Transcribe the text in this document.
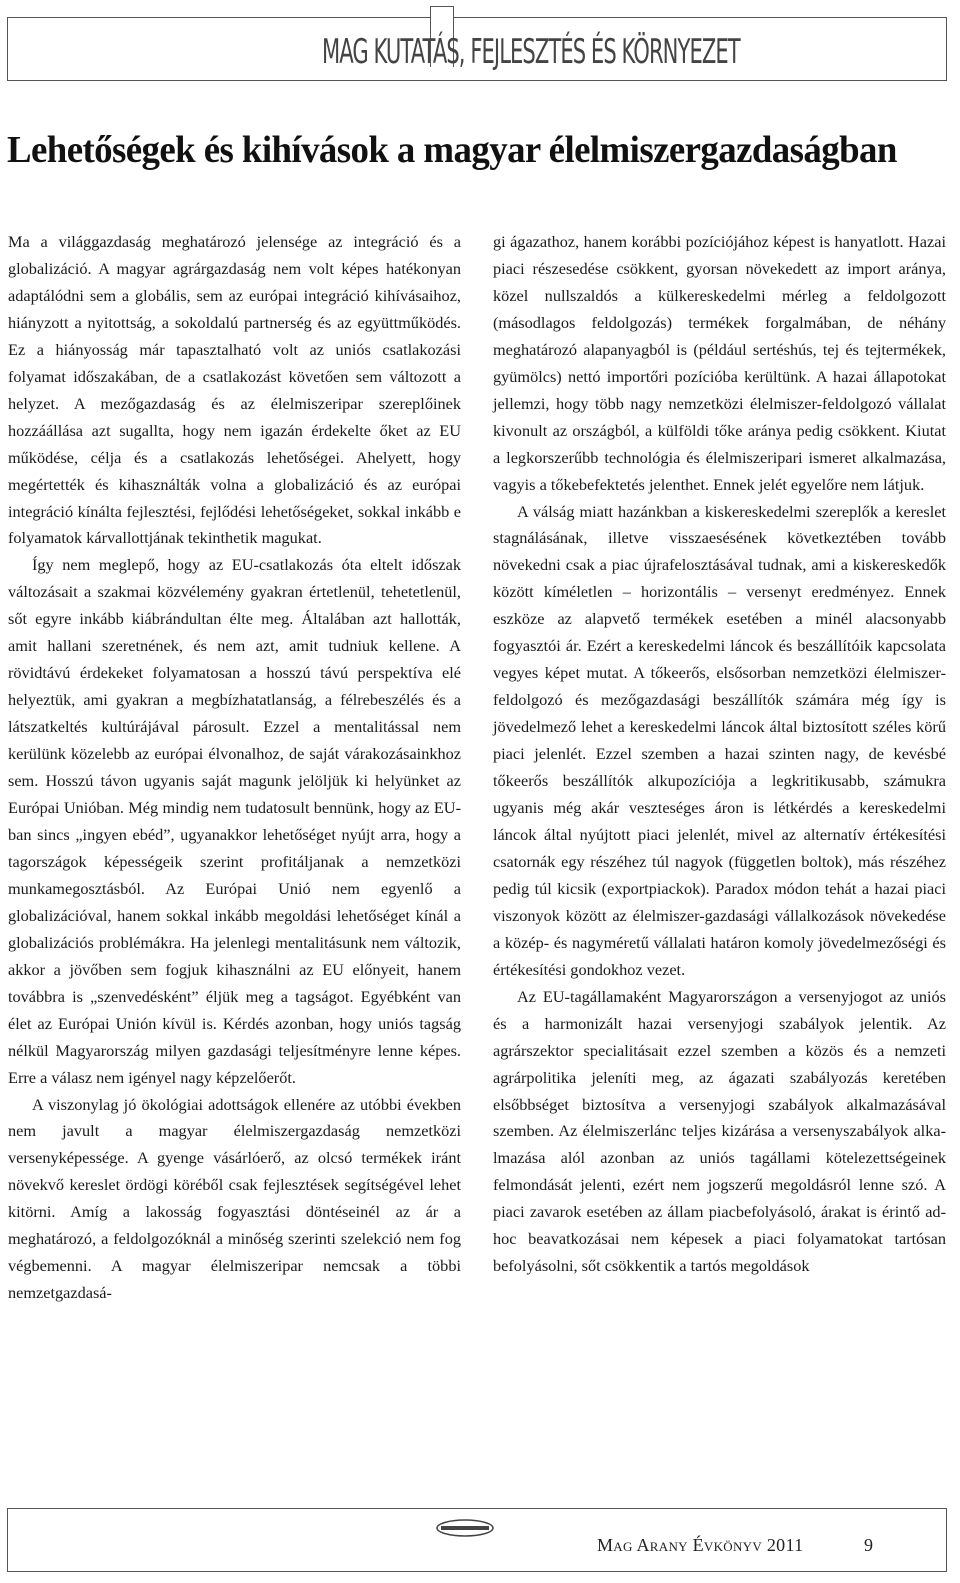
MAG KUTATÁS, FEJLESZTÉS ÉS KÖRNYEZET
Lehetőségek és kihívások a magyar élelmiszergazdaságban

Ma a világgazdaság meghatározó jelensége az integráció és a globalizáció. A magyar agrárgazdaság nem volt képes hatékonyan adaptálódni sem a globális, sem az európai integráció kihívásaihoz, hiányzott a nyitottság, a sokoldalú partnerség és az együttműködés. Ez a hiányosság már tapasztalható volt az uniós csatlakozási folyamat időszakában, de a csatlakozást követően sem változott a helyzet. A mezőgazdaság és az élelmiszeripar szereplőinek hozzáállása azt sugallta, hogy nem igazán érdekelte őket az EU működése, célja és a csatlakozás lehetőségei. Ahelyett, hogy megértették és kihasználták volna a globalizáció és az európai integráció kínálta fejlesztési, fejlődési lehetőségeket, sokkal inkább e folyamatok kárvallottjának tekinthetik magukat.

Így nem meglepő, hogy az EU-csatlakozás óta eltelt időszak változásait a szakmai közvélemény gyakran értetlenül, tehetetlenül, sőt egyre inkább kiábrándultan élte meg. Általában azt hallották, amit hallani szeretnének, és nem azt, amit tudniuk kellene. A rövidtávú érdekeket folyamatosan a hosszú távú perspektíva elé helyeztük, ami gyakran a megbízhatatlanság, a félrebeszélés és a látszatkeltés kultúrájával párosult. Ezzel a mentalitással nem kerülünk közelebb az európai élvonalhoz, de saját várakozásainkhoz sem. Hosszú távon ugyanis saját magunk jelöljük ki helyünket az Európai Unióban. Még mindig nem tudatosult bennünk, hogy az EU-ban sincs „ingyen ebéd”, ugyanakkor lehetőséget nyújt arra, hogy a tagországok képességeik szerint profitáljanak a nemzetközi munkamegosztásból. Az Európai Unió nem egyenlő a globalizációval, hanem sokkal inkább megoldási lehetőséget kínál a globalizációs problémákra. Ha jelenlegi mentalitásunk nem változik, akkor a jövőben sem fogjuk kihasználni az EU előnyeit, hanem továbbra is „szenvedésként” éljük meg a tagságot. Egyébként van élet az Európai Unión kívül is. Kérdés azonban, hogy uniós tagság nélkül Magyarország milyen gazdasági teljesítményre lenne képes. Erre a válasz nem igényel nagy képzelőerőt.

A viszonylag jó ökológiai adottságok ellenére az utóbbi években nem javult a magyar élelmiszergazdaság nemzetközi versenyképessége. A gyenge vásárlóerő, az olcsó termékek iránt növekvő kereslet ördögi köréből csak fejlesztések segítségével lehet kitörni. Amíg a lakosság fogyasztási döntéseinél az ár a meghatározó, a feldolgozóknál a minőség szerinti szelekció nem fog végbemenni. A magyar élelmiszeripar nemcsak a többi nemzetgazdasá-

gi ágazathoz, hanem korábbi pozíciójához képest is hanyatlott. Hazai piaci részesedése csökkent, gyorsan növekedett az import aránya, közel nullszaldós a külkereskedelmi mérleg a feldolgozott (másodlagos feldolgozás) termékek forgalmában, de néhány meghatározó alapanyagból is (például sertéshús, tej és tejtermékek, gyümölcs) nettó importőri pozícióba kerültünk. A hazai állapotokat jellemzi, hogy több nagy nemzetközi élelmiszer-feldolgozó vállalat kivonult az országból, a külföldi tőke aránya pedig csökkent. Kiutat a legkorszerűbb technológia és élelmiszeripari ismeret alkalmazása, vagyis a tőkebefektetés jelenthet. Ennek jelét egyelőre nem látjuk.

A válság miatt hazánkban a kiskereskedelmi szereplők a kereslet stagnálásának, illetve visszaesésének következtében tovább növekedni csak a piac újrafelosztásával tudnak, ami a kiskereskedők között kíméletlen – horizontális – versenyt eredményez. Ennek eszköze az alapvető termékek esetében a minél alacsonyabb fogyasztói ár. Ezért a kereskedelmi láncok és beszállítóik kapcsolata vegyes képet mutat. A tőkeerős, elsősorban nemzetközi élelmiszer-feldolgozó és mezőgazdasági beszállítók számára még így is jövedelmező lehet a kereskedelmi láncok által biztosított széles körű piaci jelenlét. Ezzel szemben a hazai szinten nagy, de kevésbé tőkeerős beszállítók alkupozíciója a legkritikusabb, számukra ugyanis még akár veszteséges áron is létkérdés a kereskedelmi láncok által nyújtott piaci jelenlét, mivel az alternatív értékesítési csatornák egy részéhez túl nagyok (független boltok), más részéhez pedig túl kicsik (exportpiackok). Paradox módon tehát a hazai piaci viszonyok között az élelmiszer-gazdasági vállalkozások növekedése a közép- és nagyméretű vállalati határon komoly jövedelmezőségi és értékesítési gondokhoz vezet.

Az EU-tagállamaként Magyarországon a versenyjogot az uniós és a harmonizált hazai versenyjogi szabályok jelentik. Az agrárszektor specialitásait ezzel szemben a közös és a nemzeti agrárpolitika jeleníti meg, az ágazati szabályozás keretében elsőbbséget biztosítva a versenyjogi szabályok alkalmazásával szemben. Az élelmiszerlánc teljes kizárása a versenyszabályok alkalmazása alól azonban az uniós tagállami kötelezettségeinek felmondását jelenti, ezért nem jogszerű megoldásról lenne szó. A piaci zavarok esetében az állam piacbefolyásoló, árakat is érintő ad-hoc beavatkozásai nem képesek a piaci folyamatokat tartósan befolyásolni, sőt csökkentik a tartós megoldások

Mag Arany Évkönyv 2011	9
